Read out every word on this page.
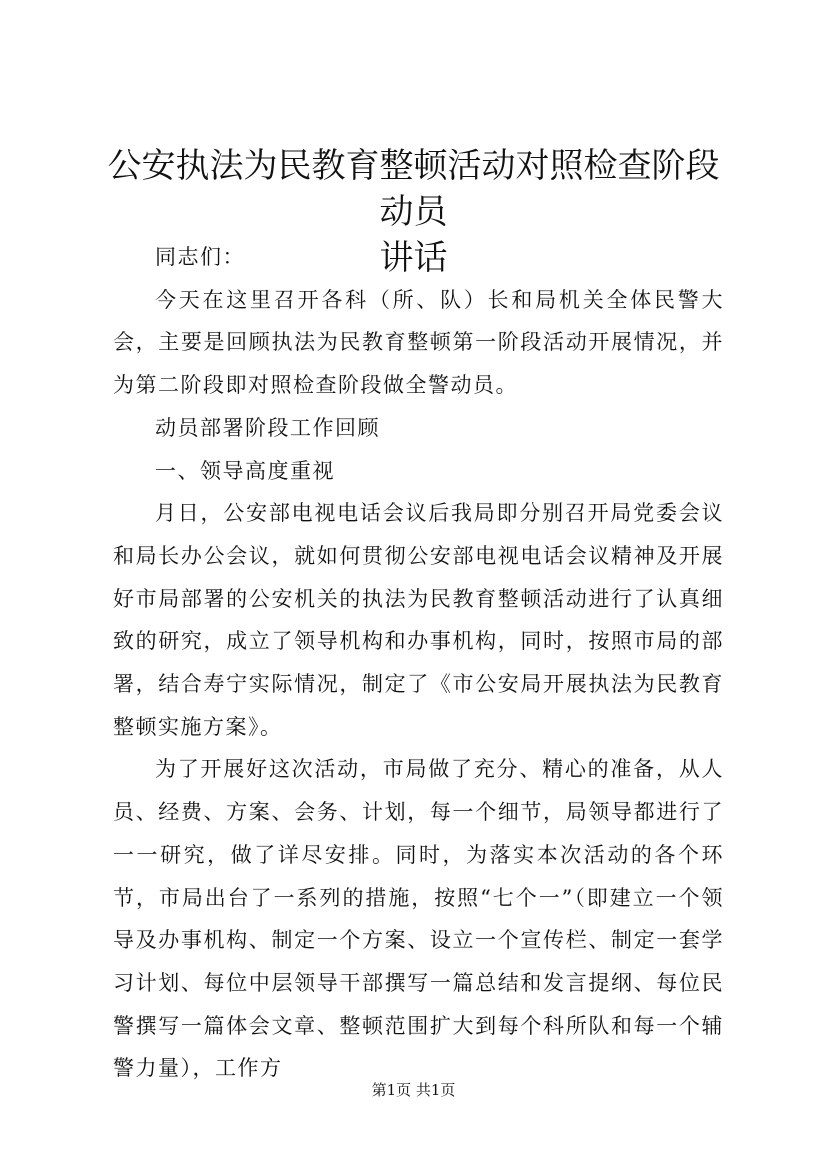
公安执法为民教育整顿活动对照检查阶段动员
讲话

同志们：

今天在这里召开各科（所、队）长和局机关全体民警大会，主要是回顾执法为民教育整顿第一阶段活动开展情况，并为第二阶段即对照检查阶段做全警动员。

动员部署阶段工作回顾

一、领导高度重视

月日，公安部电视电话会议后我局即分别召开局党委会议和局长办公会议，就如何贯彻公安部电视电话会议精神及开展好市局部署的公安机关的执法为民教育整顿活动进行了认真细致的研究，成立了领导机构和办事机构，同时，按照市局的部署，结合寿宁实际情况，制定了《市公安局开展执法为民教育整顿实施方案》。

为了开展好这次活动，市局做了充分、精心的准备，从人员、经费、方案、会务、计划，每一个细节，局领导都进行了一一研究，做了详尽安排。同时，为落实本次活动的各个环节，市局出台了一系列的措施，按照“七个一”（即建立一个领导及办事机构、制定一个方案、设立一个宣传栏、制定一套学习计划、每位中层领导干部撰写一篇总结和发言提纲、每位民警撰写一篇体会文章、整顿范围扩大到每个科所队和每一个辅警力量），工作方

第1页 共1页
